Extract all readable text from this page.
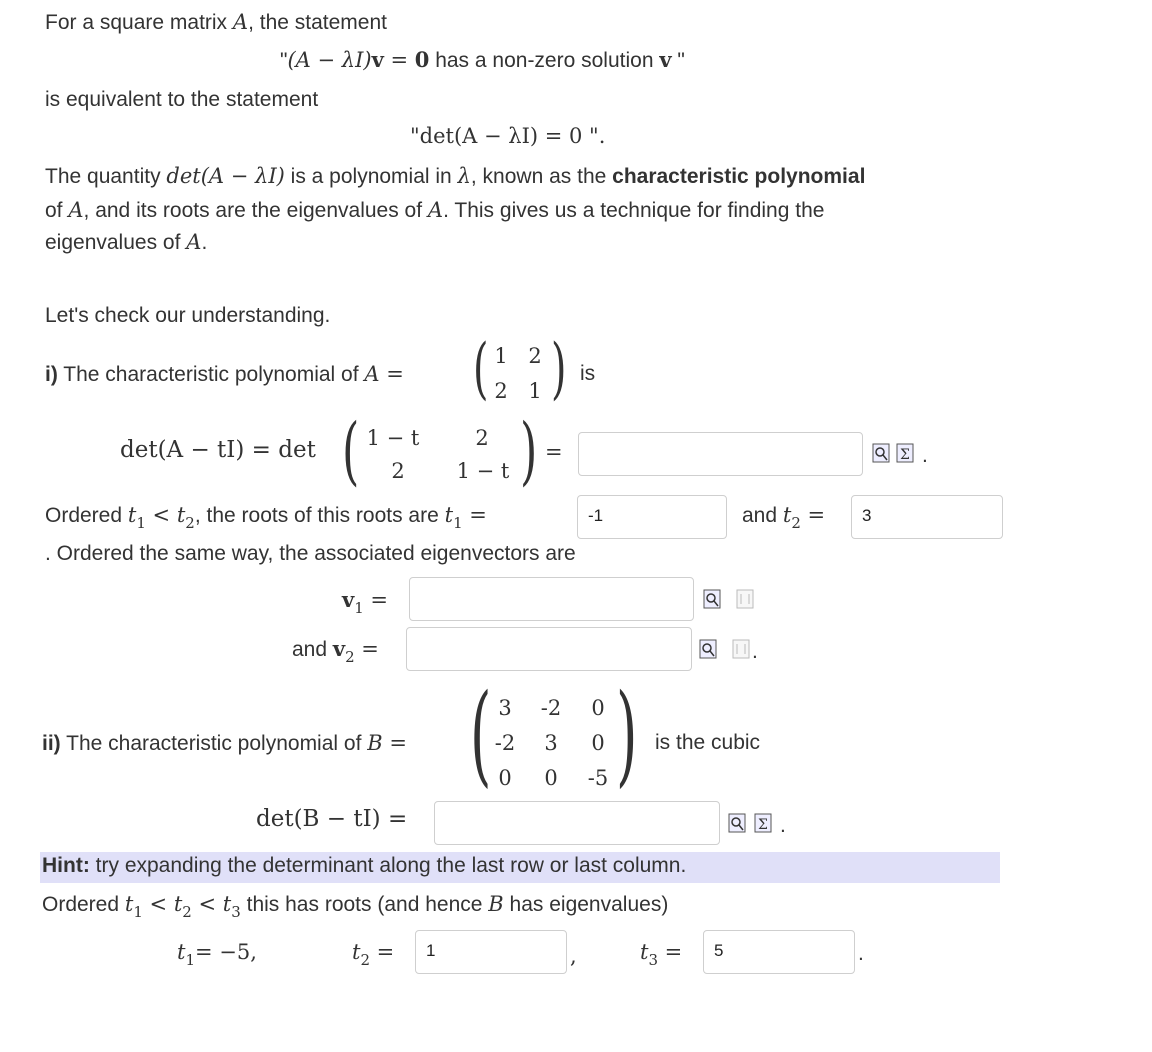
For a square matrix A, the statement
"(A − λI)v = 0 has a non-zero solution v "
is equivalent to the statement
"det(A − λI) = 0 ".
The quantity det(A − λI) is a polynomial in λ, known as the characteristic polynomial
of A, and its roots are the eigenvalues of A. This gives us a technique for finding the
eigenvalues of A.
Let's check our understanding.
i) The characteristic polynomial of A = ( 1 2
2 1 ) is
det(A − tI) = det ( 1 − t	2
2	1 − t ) =	Σ .
Ordered $t_1 < t_2$, the roots of this roots are $t_1$ =	-1	and $t_2$ =	3
. Ordered the same way, the associated eigenvectors are
$v_1$ =
and $v_2$ =	.
ii) The characteristic polynomial of B = ( 3	-2	0
-2	3	0
0	0	-5 ) is the cubic
det(B − tI) =	Σ .
Hint: try expanding the determinant along the last row or last column.
Ordered $t_1 < t_2 < t_3$ this has roots (and hence B has eigenvalues)
$t_1= -5$,	$t_2$ =	1	,	$t_3$ =	5	.
